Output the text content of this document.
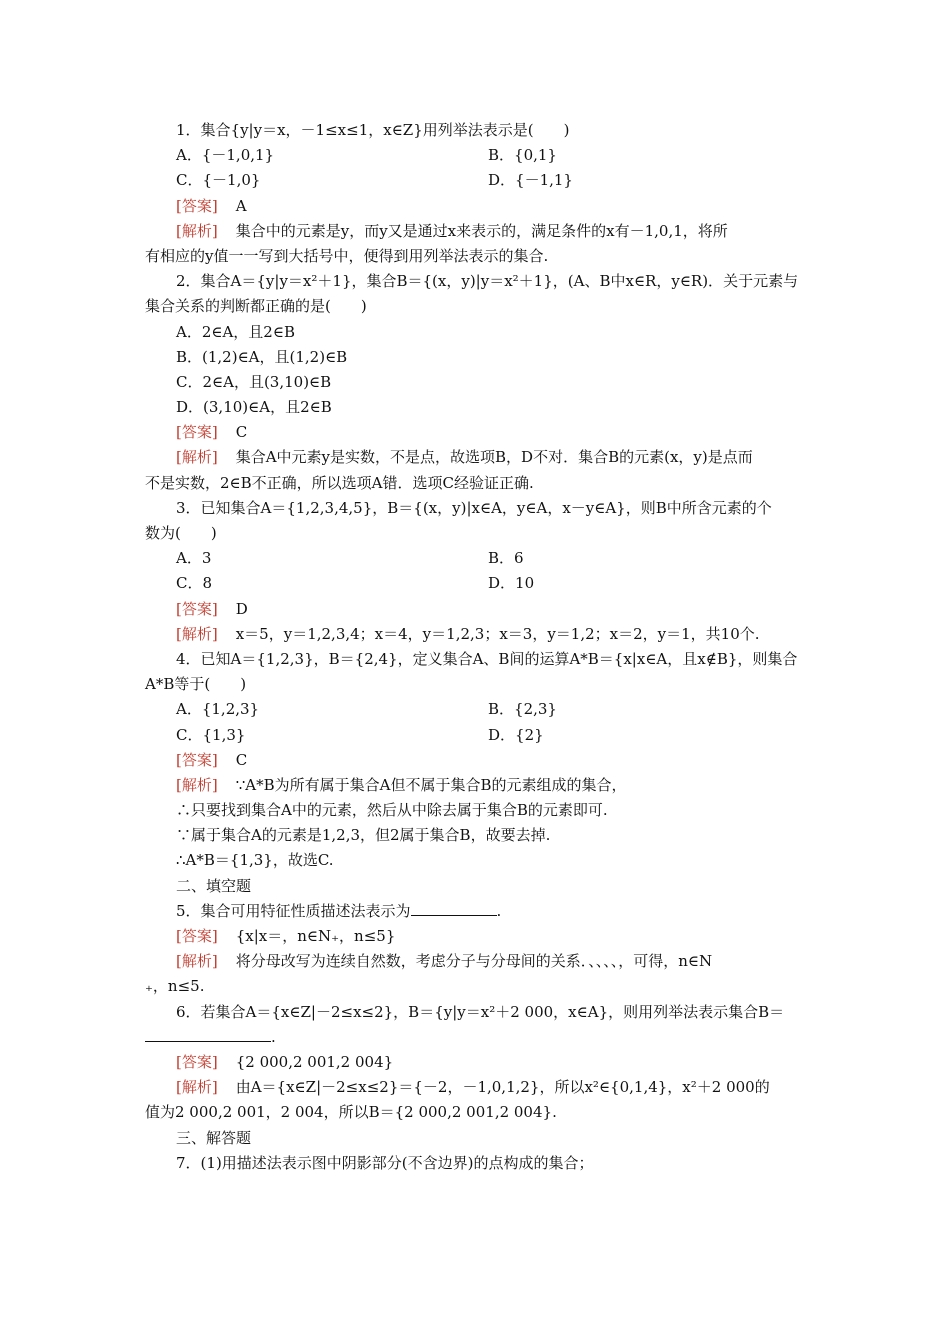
1．集合{y|y＝x，－1≤x≤1，x∈Z}用列举法表示是(　　)
A．{－1,0,1}	B．{0,1}
C．{－1,0}	D．{－1,1}
[答案] A
[解析] 集合中的元素是y，而y又是通过x来表示的，满足条件的x有－1,0,1，将所
有相应的y值一一写到大括号中，便得到用列举法表示的集合.
2．集合A＝{y|y＝x²＋1}，集合B＝{(x，y)|y＝x²＋1}，(A、B中x∈R，y∈R)．关于元素与
集合关系的判断都正确的是(　　)
A．2∈A，且2∈B
B．(1,2)∈A，且(1,2)∈B
C．2∈A，且(3,10)∈B
D．(3,10)∈A，且2∈B
[答案] C
[解析] 集合A中元素y是实数，不是点，故选项B，D不对．集合B的元素(x，y)是点而
不是实数，2∈B不正确，所以选项A错．选项C经验证正确.
3．已知集合A＝{1,2,3,4,5}，B＝{(x，y)|x∈A，y∈A，x－y∈A}，则B中所含元素的个
数为(　　)
A．3	B．6
C．8	D．10
[答案] D
[解析] x＝5，y＝1,2,3,4；x＝4，y＝1,2,3；x＝3，y＝1,2；x＝2，y＝1，共10个.
4．已知A＝{1,2,3}，B＝{2,4}，定义集合A、B间的运算A*B＝{x|x∈A，且x∉B}，则集合
A*B等于(　　)
A．{1,2,3}	B．{2,3}
C．{1,3}	D．{2}
[答案] C
[解析] ∵A*B为所有属于集合A但不属于集合B的元素组成的集合，
∴只要找到集合A中的元素，然后从中除去属于集合B的元素即可.
∵属于集合A的元素是1,2,3，但2属于集合B，故要去掉.
∴A*B＝{1,3}，故选C.
二、填空题
5．集合可用特征性质描述法表示为	.
[答案] {x|x＝，n∈N₊，n≤5}
[解析] 将分母改写为连续自然数，考虑分子与分母间的关系．、、、、，可得，n∈N
₊，n≤5.
6．若集合A＝{x∈Z|－2≤x≤2}，B＝{y|y＝x²＋2 000，x∈A}，则用列举法表示集合B＝
.
[答案] {2 000,2 001,2 004}
[解析] 由A＝{x∈Z|－2≤x≤2}＝{－2，－1,0,1,2}，所以x²∈{0,1,4}，x²＋2 000的
值为2 000,2 001，2 004，所以B＝{2 000,2 001,2 004}.
三、解答题
7．(1)用描述法表示图中阴影部分(不含边界)的点构成的集合；
